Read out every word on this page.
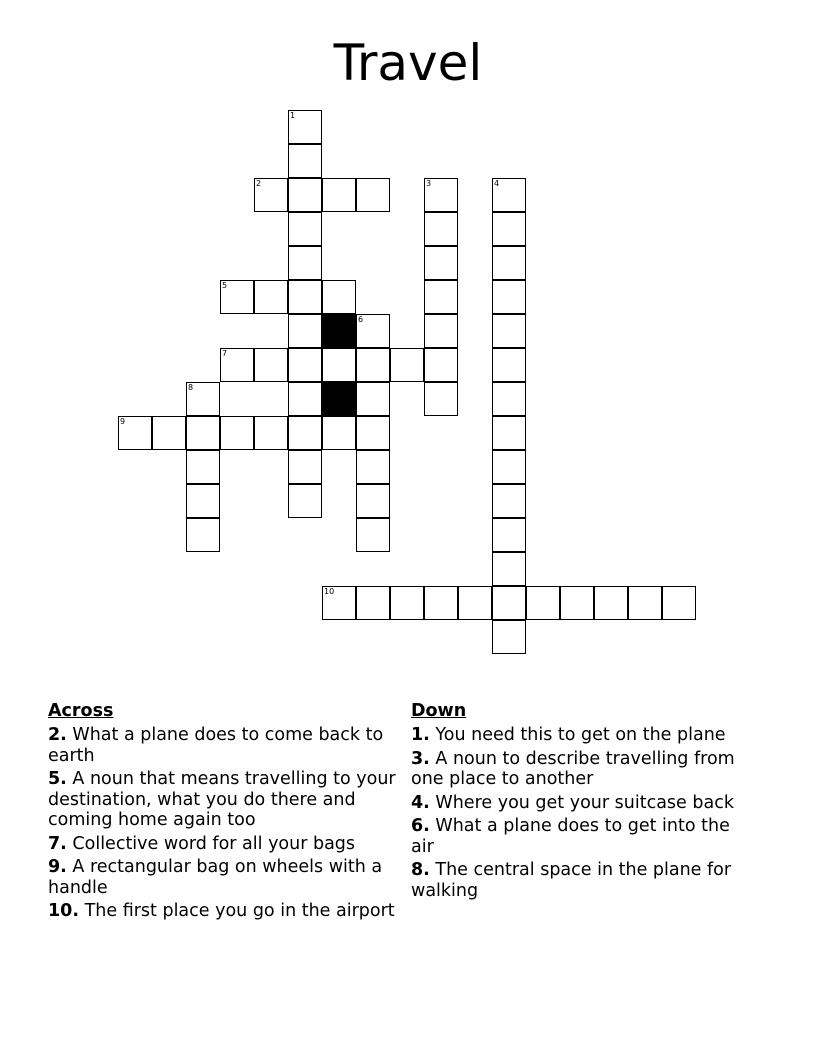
Travel
1
2	3	4
5
6
7
8
9
10
Across
2. What a plane does to come back to earth
5. A noun that means travelling to your destination, what you do there and coming home again too
7. Collective word for all your bags
9. A rectangular bag on wheels with a handle
10. The first place you go in the airport
Down
1. You need this to get on the plane
3. A noun to describe travelling from one place to another
4. Where you get your suitcase back
6. What a plane does to get into the air
8. The central space in the plane for walking
